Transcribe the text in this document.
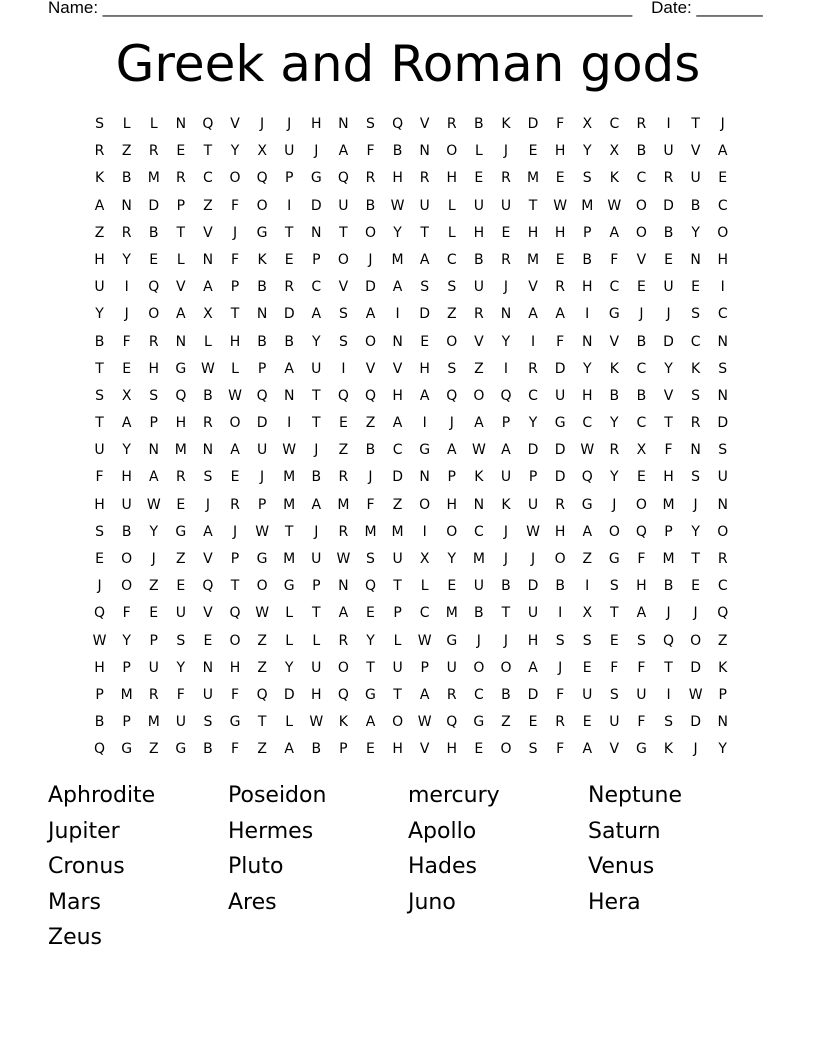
Name: ________________________________________________________    Date: _______
Greek and Roman gods
S	L	L	N	Q	V	J	J	H	N	S	Q	V	R	B	K	D	F	X	C	R	I	T	J
R	Z	R	E	T	Y	X	U	J	A	F	B	N	O	L	J	E	H	Y	X	B	U	V	A
K	B	M	R	C	O	Q	P	G	Q	R	H	R	H	E	R	M	E	S	K	C	R	U	E
A	N	D	P	Z	F	O	I	D	U	B	W	U	L	U	U	T	W	M	W	O	D	B	C
Z	R	B	T	V	J	G	T	N	T	O	Y	T	L	H	E	H	H	P	A	O	B	Y	O
H	Y	E	L	N	F	K	E	P	O	J	M	A	C	B	R	M	E	B	F	V	E	N	H
U	I	Q	V	A	P	B	R	C	V	D	A	S	S	U	J	V	R	H	C	E	U	E	I
Y	J	O	A	X	T	N	D	A	S	A	I	D	Z	R	N	A	A	I	G	J	J	S	C
B	F	R	N	L	H	B	B	Y	S	O	N	E	O	V	Y	I	F	N	V	B	D	C	N
T	E	H	G	W	L	P	A	U	I	V	V	H	S	Z	I	R	D	Y	K	C	Y	K	S
S	X	S	Q	B	W	Q	N	T	Q	Q	H	A	Q	O	Q	C	U	H	B	B	V	S	N
T	A	P	H	R	O	D	I	T	E	Z	A	I	J	A	P	Y	G	C	Y	C	T	R	D
U	Y	N	M	N	A	U	W	J	Z	B	C	G	A	W	A	D	D	W	R	X	F	N	S
F	H	A	R	S	E	J	M	B	R	J	D	N	P	K	U	P	D	Q	Y	E	H	S	U
H	U	W	E	J	R	P	M	A	M	F	Z	O	H	N	K	U	R	G	J	O	M	J	N
S	B	Y	G	A	J	W	T	J	R	M	M	I	O	C	J	W	H	A	O	Q	P	Y	O
E	O	J	Z	V	P	G	M	U	W	S	U	X	Y	M	J	J	O	Z	G	F	M	T	R
J	O	Z	E	Q	T	O	G	P	N	Q	T	L	E	U	B	D	B	I	S	H	B	E	C
Q	F	E	U	V	Q	W	L	T	A	E	P	C	M	B	T	U	I	X	T	A	J	J	Q
W	Y	P	S	E	O	Z	L	L	R	Y	L	W	G	J	J	H	S	S	E	S	Q	O	Z
H	P	U	Y	N	H	Z	Y	U	O	T	U	P	U	O	O	A	J	E	F	F	T	D	K
P	M	R	F	U	F	Q	D	H	Q	G	T	A	R	C	B	D	F	U	S	U	I	W	P
B	P	M	U	S	G	T	L	W	K	A	O	W	Q	G	Z	E	R	E	U	F	S	D	N
Q	G	Z	G	B	F	Z	A	B	P	E	H	V	H	E	O	S	F	A	V	G	K	J	Y
Aphrodite	Poseidon	mercury	Neptune
Jupiter	Hermes	Apollo	Saturn
Cronus	Pluto	Hades	Venus
Mars	Ares	Juno	Hera
Zeus
